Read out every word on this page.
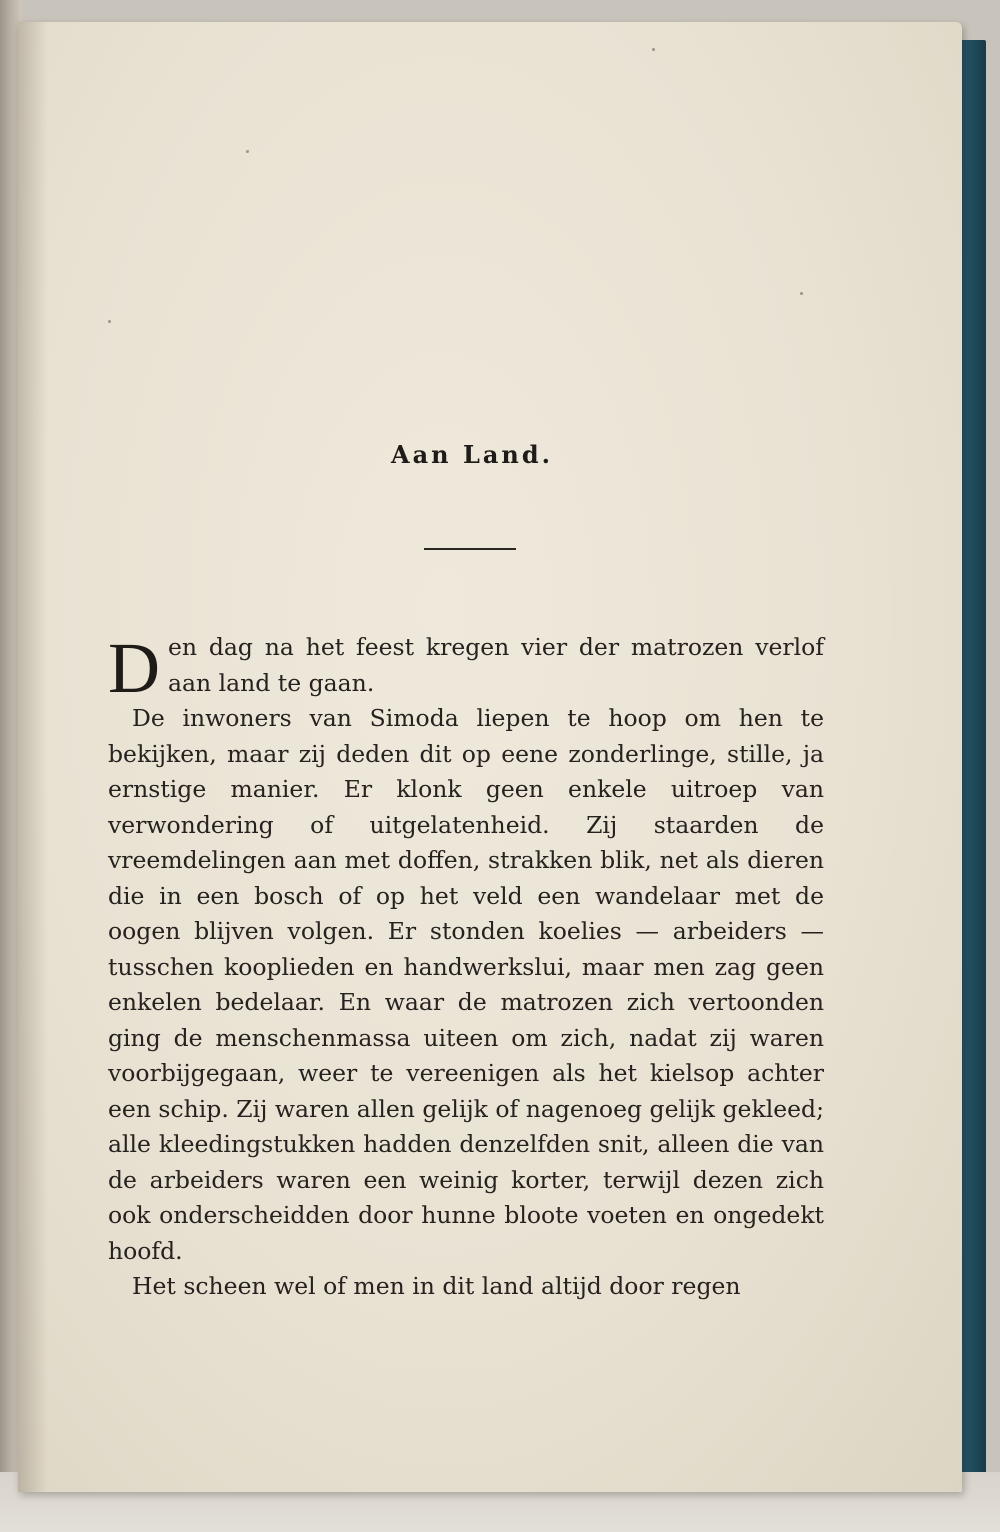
Aan Land.

Den dag na het feest kregen vier der matrozen verlof aan land te gaan.

De inwoners van Simoda liepen te hoop om hen te bekijken, maar zij deden dit op eene zonderlinge, stille, ja ernstige manier. Er klonk geen enkele uitroep van verwondering of uitgelatenheid. Zij staarden de vreemdelingen aan met doffen, strakken blik, net als dieren die in een bosch of op het veld een wandelaar met de oogen blijven volgen. Er stonden koelies — arbeiders — tusschen kooplieden en handwerkslui, maar men zag geen enkelen bedelaar. En waar de matrozen zich vertoonden ging de menschenmassa uiteen om zich, nadat zij waren voorbijgegaan, weer te vereenigen als het kielsop achter een schip. Zij waren allen gelijk of nagenoeg gelijk gekleed; alle kleedingstukken hadden denzelfden snit, alleen die van de arbeiders waren een weinig korter, terwijl dezen zich ook onderscheidden door hunne bloote voeten en ongedekt hoofd.

Het scheen wel of men in dit land altijd door regen
